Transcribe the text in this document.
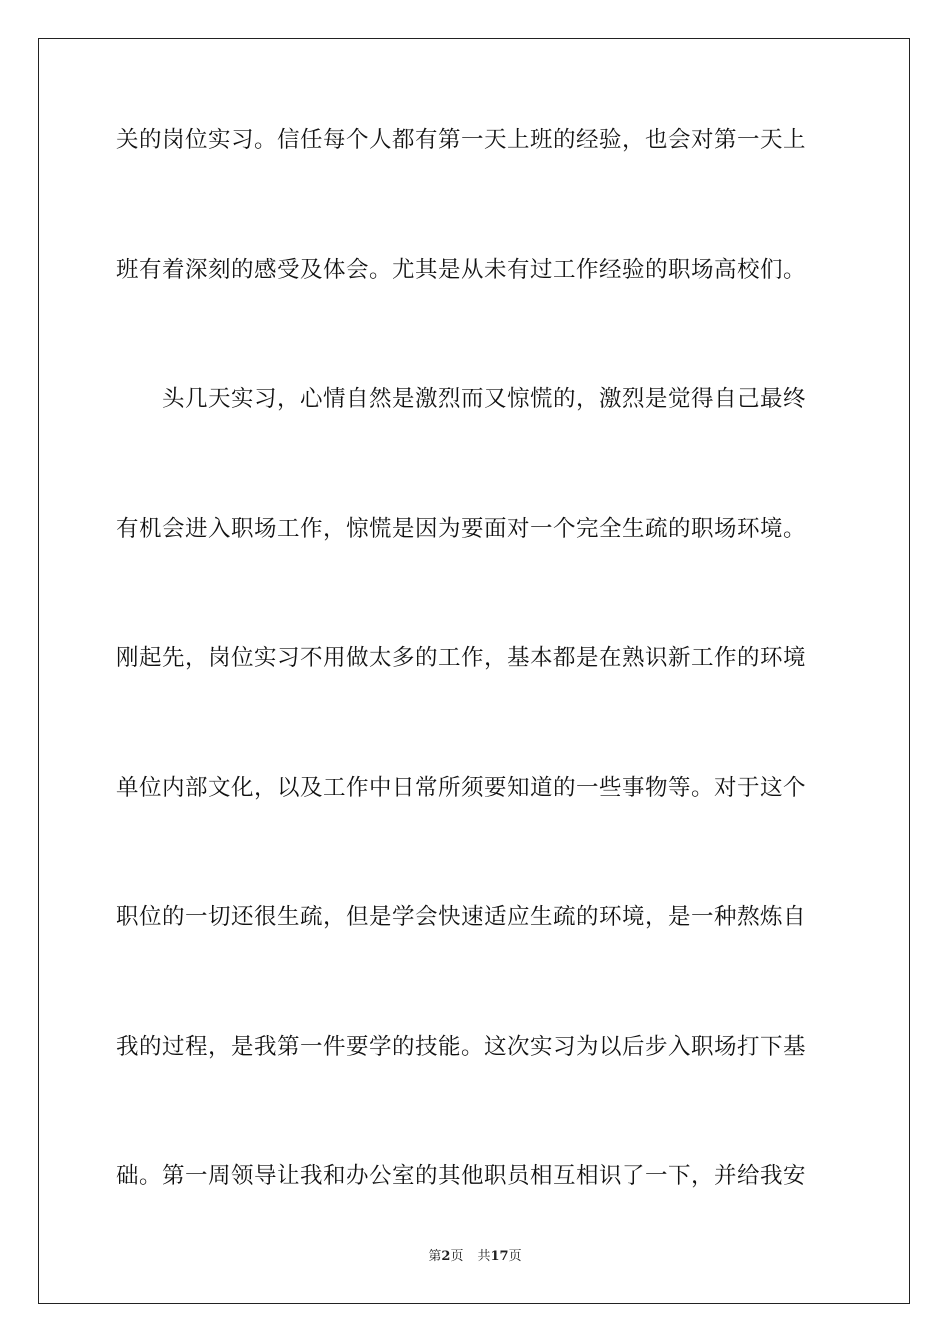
关的岗位实习。信任每个人都有第一天上班的经验，也会对第一天上

班有着深刻的感受及体会。尤其是从未有过工作经验的职场高校们。

头几天实习，心情自然是激烈而又惊慌的，激烈是觉得自己最终

有机会进入职场工作，惊慌是因为要面对一个完全生疏的职场环境。

刚起先，岗位实习不用做太多的工作，基本都是在熟识新工作的环境

单位内部文化，以及工作中日常所须要知道的一些事物等。对于这个

职位的一切还很生疏，但是学会快速适应生疏的环境，是一种熬炼自

我的过程，是我第一件要学的技能。这次实习为以后步入职场打下基

础。第一周领导让我和办公室的其他职员相互相识了一下，并给我安

第2页 共17页
